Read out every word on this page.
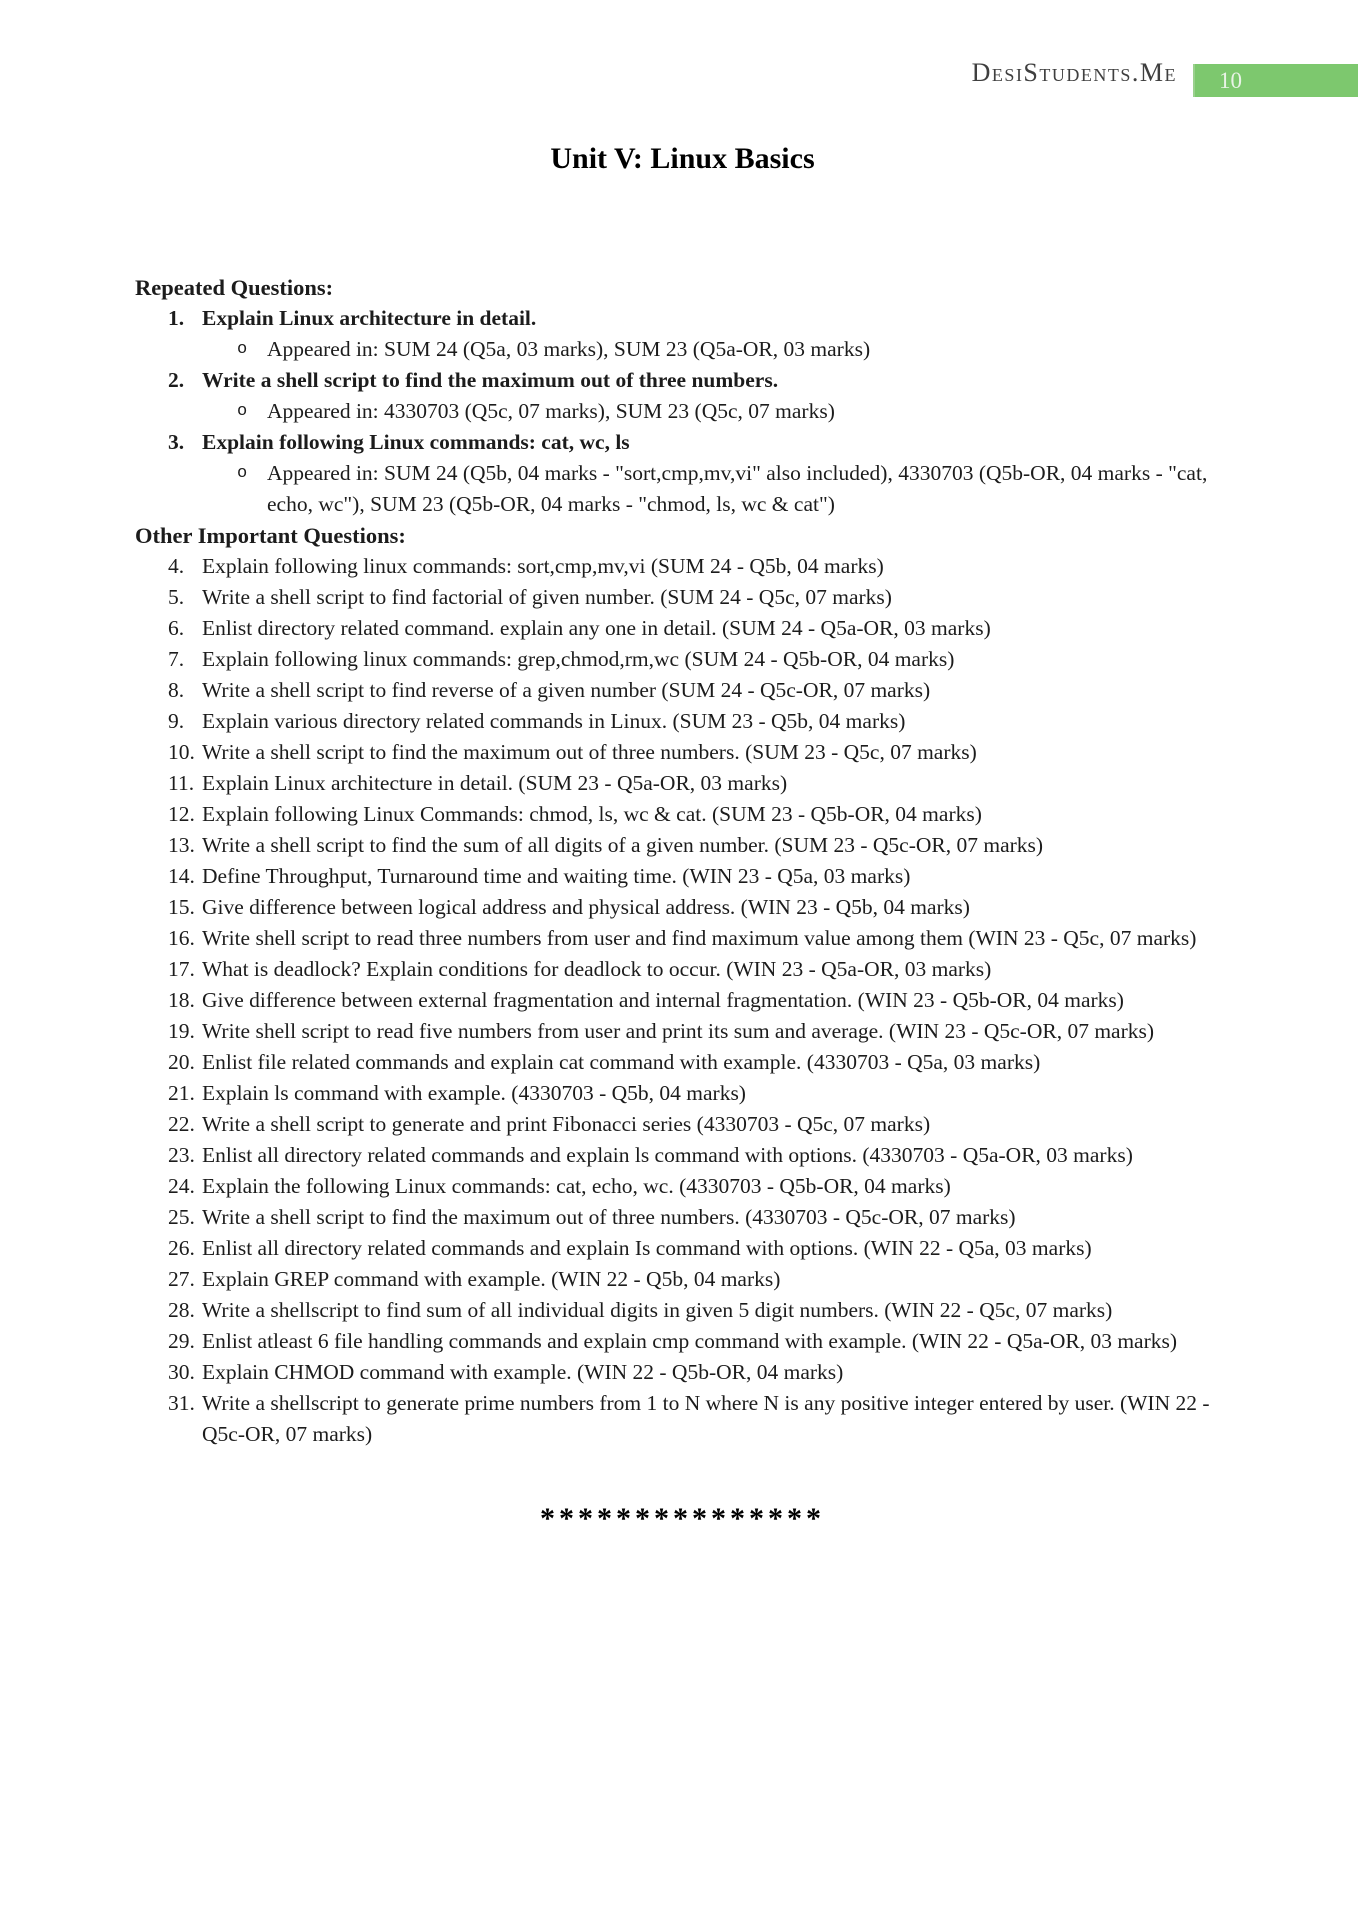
DesiStudents.Me	10
Unit V: Linux Basics
Repeated Questions:
1. Explain Linux architecture in detail.
o Appeared in: SUM 24 (Q5a, 03 marks), SUM 23 (Q5a-OR, 03 marks)
2. Write a shell script to find the maximum out of three numbers.
o Appeared in: 4330703 (Q5c, 07 marks), SUM 23 (Q5c, 07 marks)
3. Explain following Linux commands: cat, wc, ls
o Appeared in: SUM 24 (Q5b, 04 marks - "sort,cmp,mv,vi" also included), 4330703 (Q5b-OR, 04 marks - "cat, echo, wc"), SUM 23 (Q5b-OR, 04 marks - "chmod, ls, wc & cat")
Other Important Questions:
4. Explain following linux commands: sort,cmp,mv,vi (SUM 24 - Q5b, 04 marks)
5. Write a shell script to find factorial of given number. (SUM 24 - Q5c, 07 marks)
6. Enlist directory related command. explain any one in detail. (SUM 24 - Q5a-OR, 03 marks)
7. Explain following linux commands: grep,chmod,rm,wc (SUM 24 - Q5b-OR, 04 marks)
8. Write a shell script to find reverse of a given number (SUM 24 - Q5c-OR, 07 marks)
9. Explain various directory related commands in Linux. (SUM 23 - Q5b, 04 marks)
10. Write a shell script to find the maximum out of three numbers. (SUM 23 - Q5c, 07 marks)
11. Explain Linux architecture in detail. (SUM 23 - Q5a-OR, 03 marks)
12. Explain following Linux Commands: chmod, ls, wc & cat. (SUM 23 - Q5b-OR, 04 marks)
13. Write a shell script to find the sum of all digits of a given number. (SUM 23 - Q5c-OR, 07 marks)
14. Define Throughput, Turnaround time and waiting time. (WIN 23 - Q5a, 03 marks)
15. Give difference between logical address and physical address. (WIN 23 - Q5b, 04 marks)
16. Write shell script to read three numbers from user and find maximum value among them (WIN 23 - Q5c, 07 marks)
17. What is deadlock? Explain conditions for deadlock to occur. (WIN 23 - Q5a-OR, 03 marks)
18. Give difference between external fragmentation and internal fragmentation. (WIN 23 - Q5b-OR, 04 marks)
19. Write shell script to read five numbers from user and print its sum and average. (WIN 23 - Q5c-OR, 07 marks)
20. Enlist file related commands and explain cat command with example. (4330703 - Q5a, 03 marks)
21. Explain ls command with example. (4330703 - Q5b, 04 marks)
22. Write a shell script to generate and print Fibonacci series (4330703 - Q5c, 07 marks)
23. Enlist all directory related commands and explain ls command with options. (4330703 - Q5a-OR, 03 marks)
24. Explain the following Linux commands: cat, echo, wc. (4330703 - Q5b-OR, 04 marks)
25. Write a shell script to find the maximum out of three numbers. (4330703 - Q5c-OR, 07 marks)
26. Enlist all directory related commands and explain Is command with options. (WIN 22 - Q5a, 03 marks)
27. Explain GREP command with example. (WIN 22 - Q5b, 04 marks)
28. Write a shellscript to find sum of all individual digits in given 5 digit numbers. (WIN 22 - Q5c, 07 marks)
29. Enlist atleast 6 file handling commands and explain cmp command with example. (WIN 22 - Q5a-OR, 03 marks)
30. Explain CHMOD command with example. (WIN 22 - Q5b-OR, 04 marks)
31. Write a shellscript to generate prime numbers from 1 to N where N is any positive integer entered by user. (WIN 22 - Q5c-OR, 07 marks)
***************
